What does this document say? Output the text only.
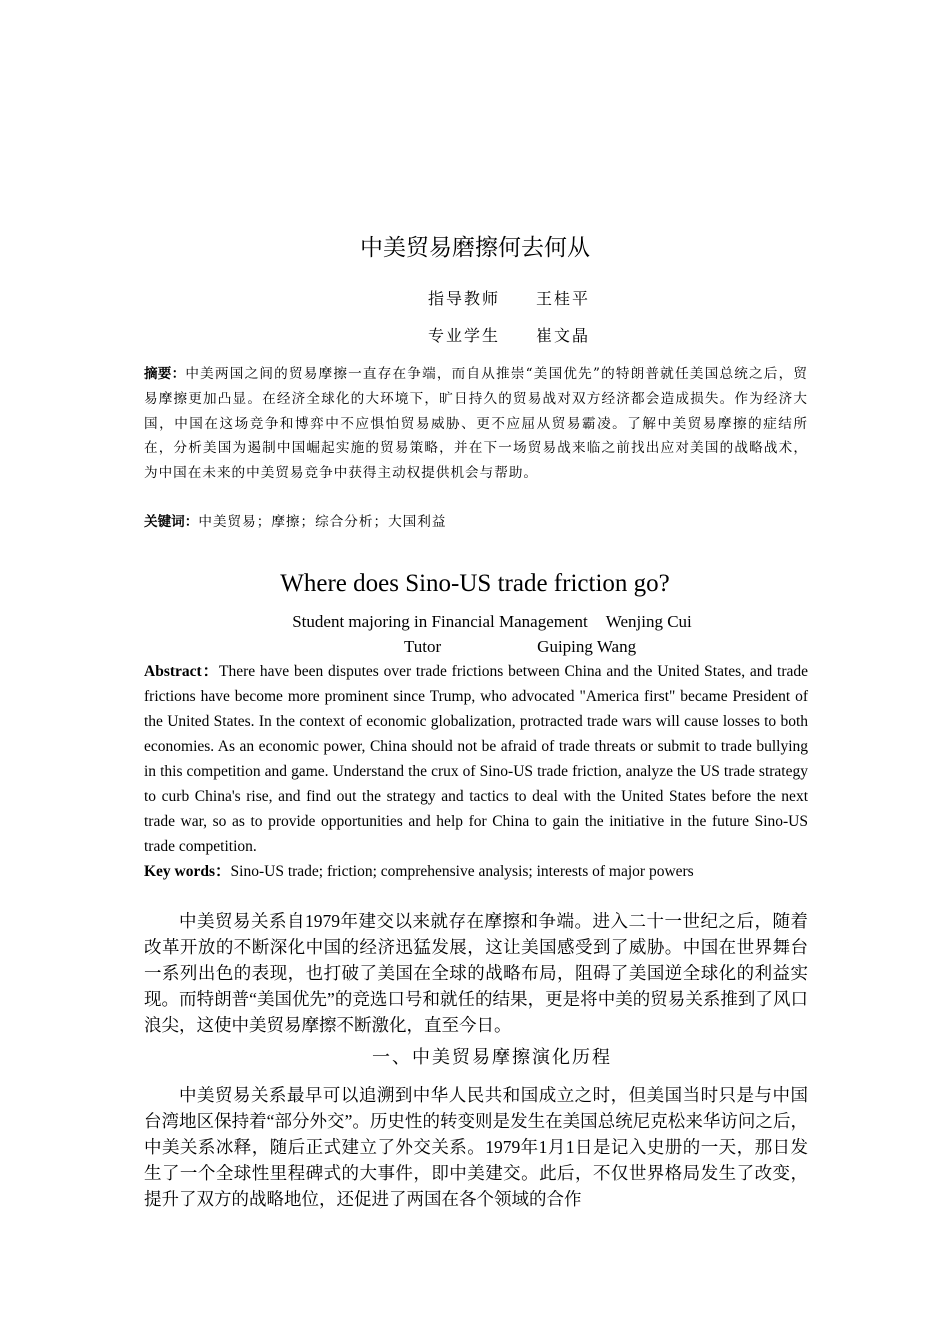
中美贸易磨擦何去何从
指导教师 王桂平
专业学生 崔文晶
摘要：中美两国之间的贸易摩擦一直存在争端，而自从推崇“美国优先”的特朗普就任美国总统之后，贸易摩擦更加凸显。在经济全球化的大环境下，旷日持久的贸易战对双方经济都会造成损失。作为经济大国，中国在这场竞争和博弈中不应惧怕贸易威胁、更不应屈从贸易霸凌。了解中美贸易摩擦的症结所在，分析美国为遏制中国崛起实施的贸易策略，并在下一场贸易战来临之前找出应对美国的战略战术，为中国在未来的中美贸易竞争中获得主动权提供机会与帮助。
关键词：中美贸易；摩擦；综合分析；大国利益
Where does Sino-US trade friction go?
Student majoring in Financial Management Wenjing Cui
Tutor	Guiping Wang
Abstract：There have been disputes over trade frictions between China and the United States, and trade frictions have become more prominent since Trump, who advocated "America first" became President of the United States. In the context of economic globalization, protracted trade wars will cause losses to both economies. As an economic power, China should not be afraid of trade threats or submit to trade bullying in this competition and game. Understand the crux of Sino-US trade friction, analyze the US trade strategy to curb China's rise, and find out the strategy and tactics to deal with the United States before the next trade war, so as to provide opportunities and help for China to gain the initiative in the future Sino-US trade competition.
Key words：Sino-US trade; friction; comprehensive analysis; interests of major powers
中美贸易关系自1979年建交以来就存在摩擦和争端。进入二十一世纪之后，随着改革开放的不断深化中国的经济迅猛发展，这让美国感受到了威胁。中国在世界舞台一系列出色的表现，也打破了美国在全球的战略布局，阻碍了美国逆全球化的利益实现。而特朗普“美国优先”的竞选口号和就任的结果，更是将中美的贸易关系推到了风口浪尖，这使中美贸易摩擦不断激化，直至今日。
一、中美贸易摩擦演化历程
中美贸易关系最早可以追溯到中华人民共和国成立之时，但美国当时只是与中国台湾地区保持着“部分外交”。历史性的转变则是发生在美国总统尼克松来华访问之后，中美关系冰释，随后正式建立了外交关系。1979年1月1日是记入史册的一天，那日发生了一个全球性里程碑式的大事件，即中美建交。此后，不仅世界格局发生了改变，提升了双方的战略地位，还促进了两国在各个领域的合作
